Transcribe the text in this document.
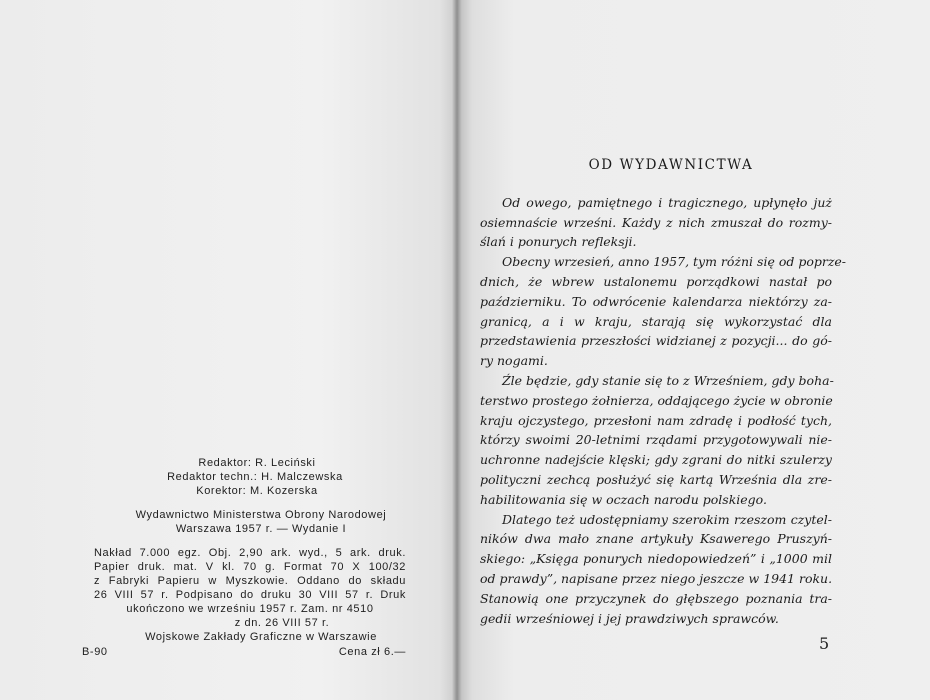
Redaktor: R. Leciński
Redaktor techn.: H. Malczewska
Korektor: M. Kozerska
Wydawnictwo Ministerstwa Obrony Narodowej
Warszawa 1957 r. — Wydanie I
Nakład 7.000 egz. Obj. 2,90 ark. wyd., 5 ark. druk.
Papier druk. mat. V kl. 70 g. Format 70 X 100/32
z Fabryki Papieru w Myszkowie. Oddano do składu
26 VIII 57 r. Podpisano do druku 30 VIII 57 r. Druk
ukończono we wrześniu 1957 r. Zam. nr 4510
z dn. 26 VIII 57 r.
Wojskowe Zakłady Graficzne w Warszawie
B-90	Cena zł 6.—
OD WYDAWNICTWA
Od owego, pamiętnego i tragicznego, upłynęło już
osiemnaście wrześni. Każdy z nich zmuszał do rozmy-
ślań i ponurych refleksji.
Obecny wrzesień, anno 1957, tym różni się od poprze-
dnich, że wbrew ustalonemu porządkowi nastał po
październiku. To odwrócenie kalendarza niektórzy za-
granicą, a i w kraju, starają się wykorzystać dla
przedstawienia przeszłości widzianej z pozycji... do gó-
ry nogami.
Źle będzie, gdy stanie się to z Wrześniem, gdy boha-
terstwo prostego żołnierza, oddającego życie w obronie
kraju ojczystego, przesłoni nam zdradę i podłość tych,
którzy swoimi 20-letnimi rządami przygotowywali nie-
uchronne nadejście klęski; gdy zgrani do nitki szulerzy
polityczni zechcą posłużyć się kartą Września dla zre-
habilitowania się w oczach narodu polskiego.
Dlatego też udostępniamy szerokim rzeszom czytel-
ników dwa mało znane artykuły Ksawerego Pruszyń-
skiego: „Księga ponurych niedopowiedzeń” i „1000 mil
od prawdy”, napisane przez niego jeszcze w 1941 roku.
Stanowią one przyczynek do głębszego poznania tra-
gedii wrześniowej i jej prawdziwych sprawców.
5
